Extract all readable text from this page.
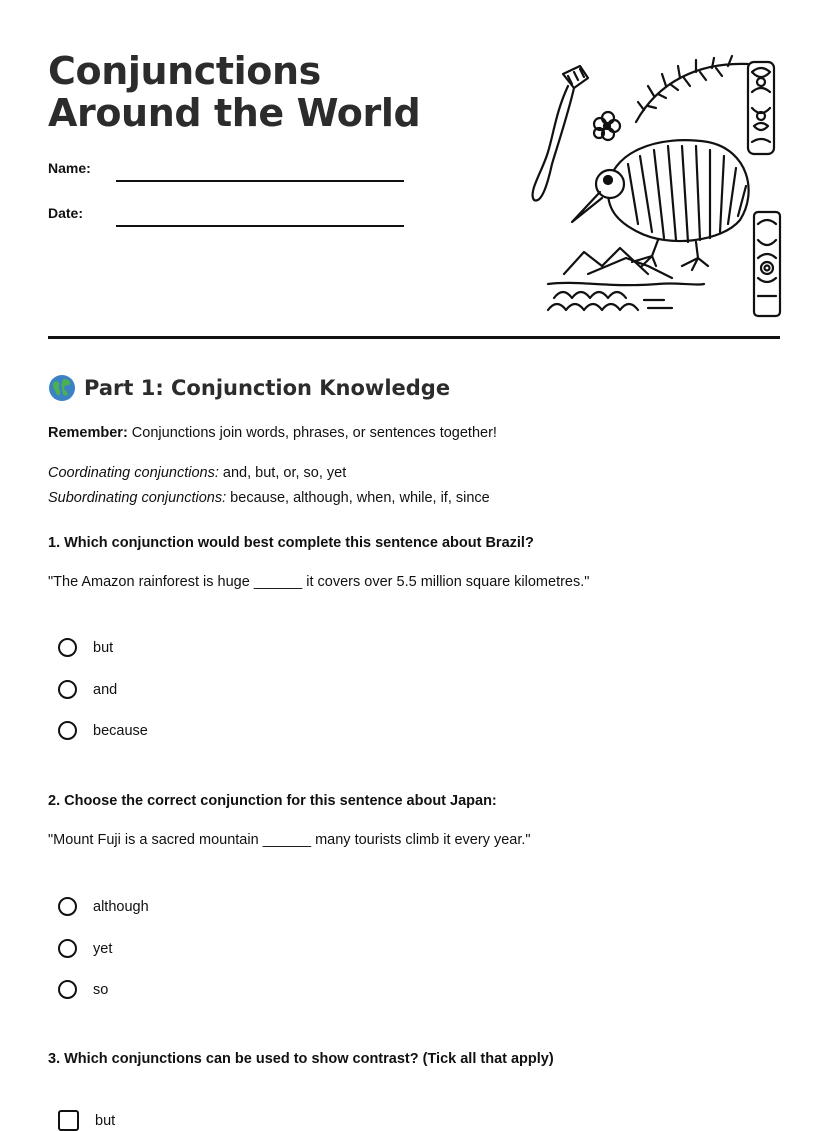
Conjunctions Around the World
Name:
Date:
Part 1: Conjunction Knowledge
Remember: Conjunctions join words, phrases, or sentences together!
Coordinating conjunctions: and, but, or, so, yet
Subordinating conjunctions: because, although, when, while, if, since
1. Which conjunction would best complete this sentence about Brazil?
"The Amazon rainforest is huge ______ it covers over 5.5 million square kilometres."
but
and
because
2. Choose the correct conjunction for this sentence about Japan:
"Mount Fuji is a sacred mountain ______ many tourists climb it every year."
although
yet
so
3. Which conjunctions can be used to show contrast? (Tick all that apply)
but
